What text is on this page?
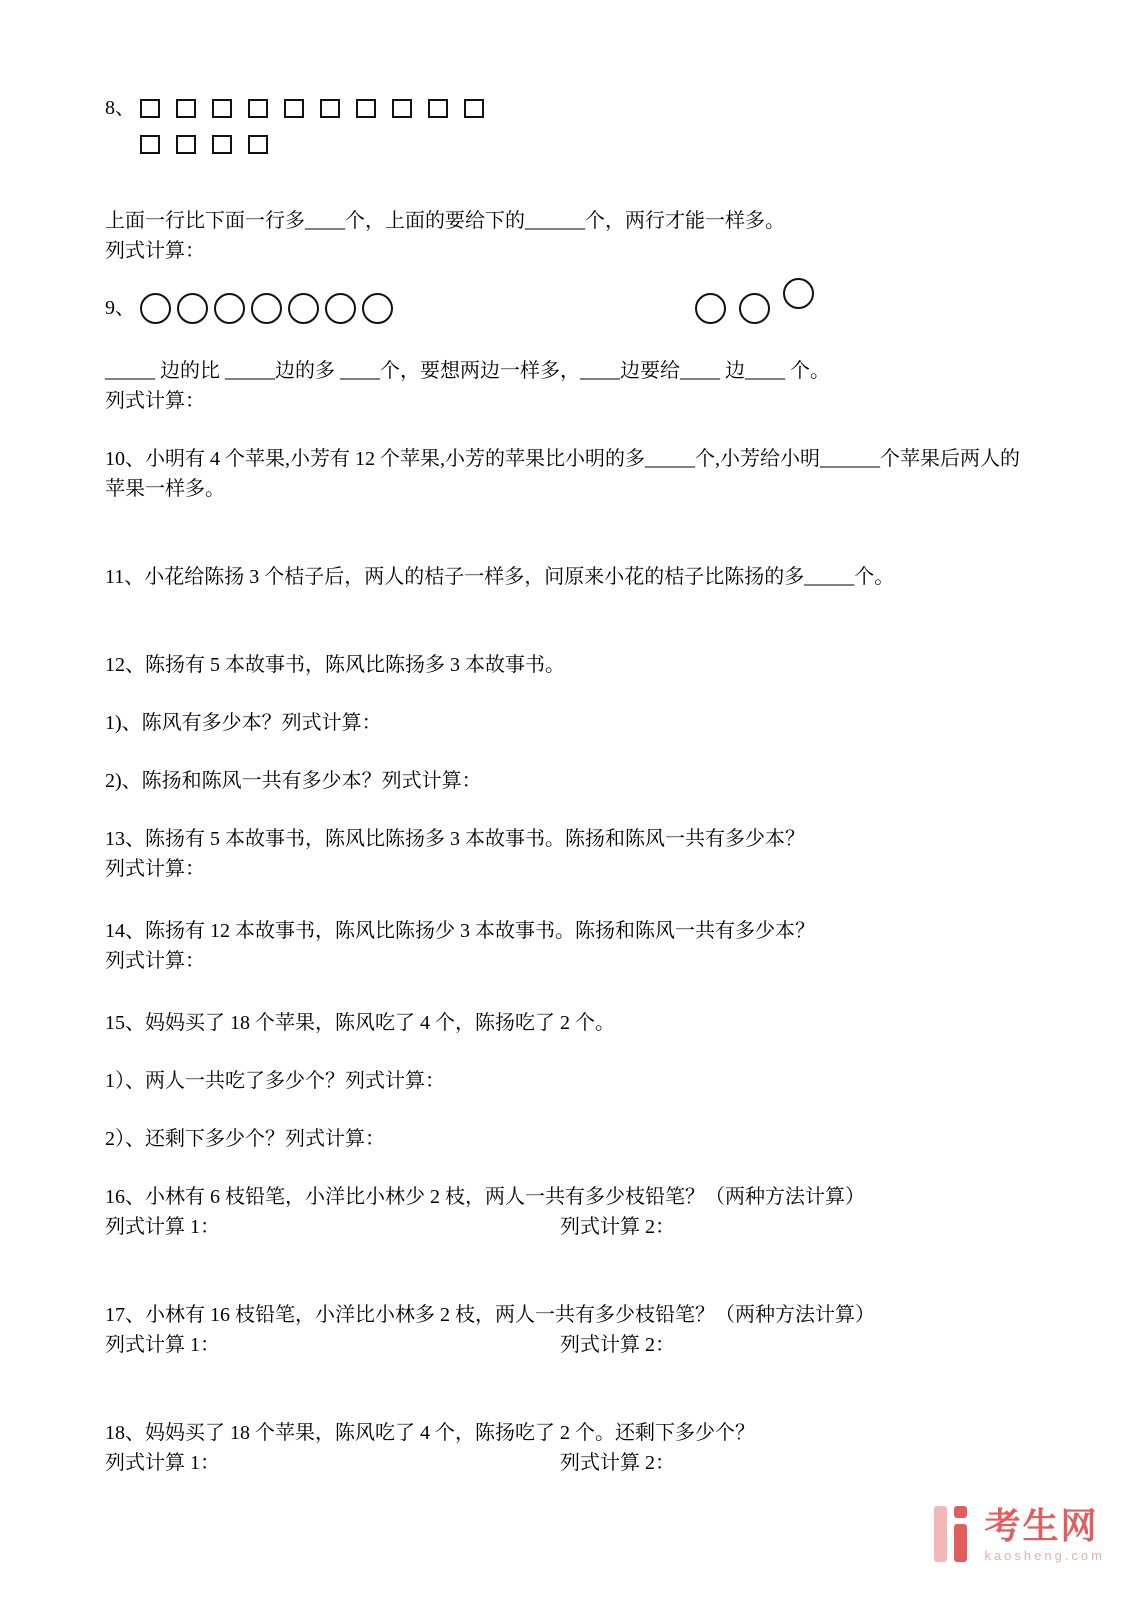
8、

上面一行比下面一行多____个，上面的要给下的______个，两行才能一样多。

列式计算：

9、

_____ 边的比 _____边的多 ____个，要想两边一样多，____边要给____ 边____ 个。

列式计算：

10、小明有 4 个苹果,小芳有 12 个苹果,小芳的苹果比小明的多_____个,小芳给小明______个苹果后两人的苹果一样多。

11、小花给陈扬 3 个桔子后，两人的桔子一样多，问原来小花的桔子比陈扬的多_____个。

12、陈扬有 5 本故事书，陈风比陈扬多 3 本故事书。

1)、陈风有多少本？列式计算：

2)、陈扬和陈风一共有多少本？列式计算：

13、陈扬有 5 本故事书，陈风比陈扬多 3 本故事书。陈扬和陈风一共有多少本？

列式计算：

14、陈扬有 12 本故事书，陈风比陈扬少 3 本故事书。陈扬和陈风一共有多少本？

列式计算：

15、妈妈买了 18 个苹果，陈风吃了 4 个，陈扬吃了 2 个。

1）、两人一共吃了多少个？列式计算：

2）、还剩下多少个？列式计算：

16、小林有 6 枝铅笔，小洋比小林少 2 枝，两人一共有多少枝铅笔？（两种方法计算）

列式计算 1：	列式计算 2：

17、小林有 16 枝铅笔，小洋比小林多 2 枝，两人一共有多少枝铅笔？（两种方法计算）

列式计算 1：	列式计算 2：

18、妈妈买了 18 个苹果，陈风吃了 4 个，陈扬吃了 2 个。还剩下多少个？

列式计算 1：	列式计算 2：
考生网
kaosheng.com
